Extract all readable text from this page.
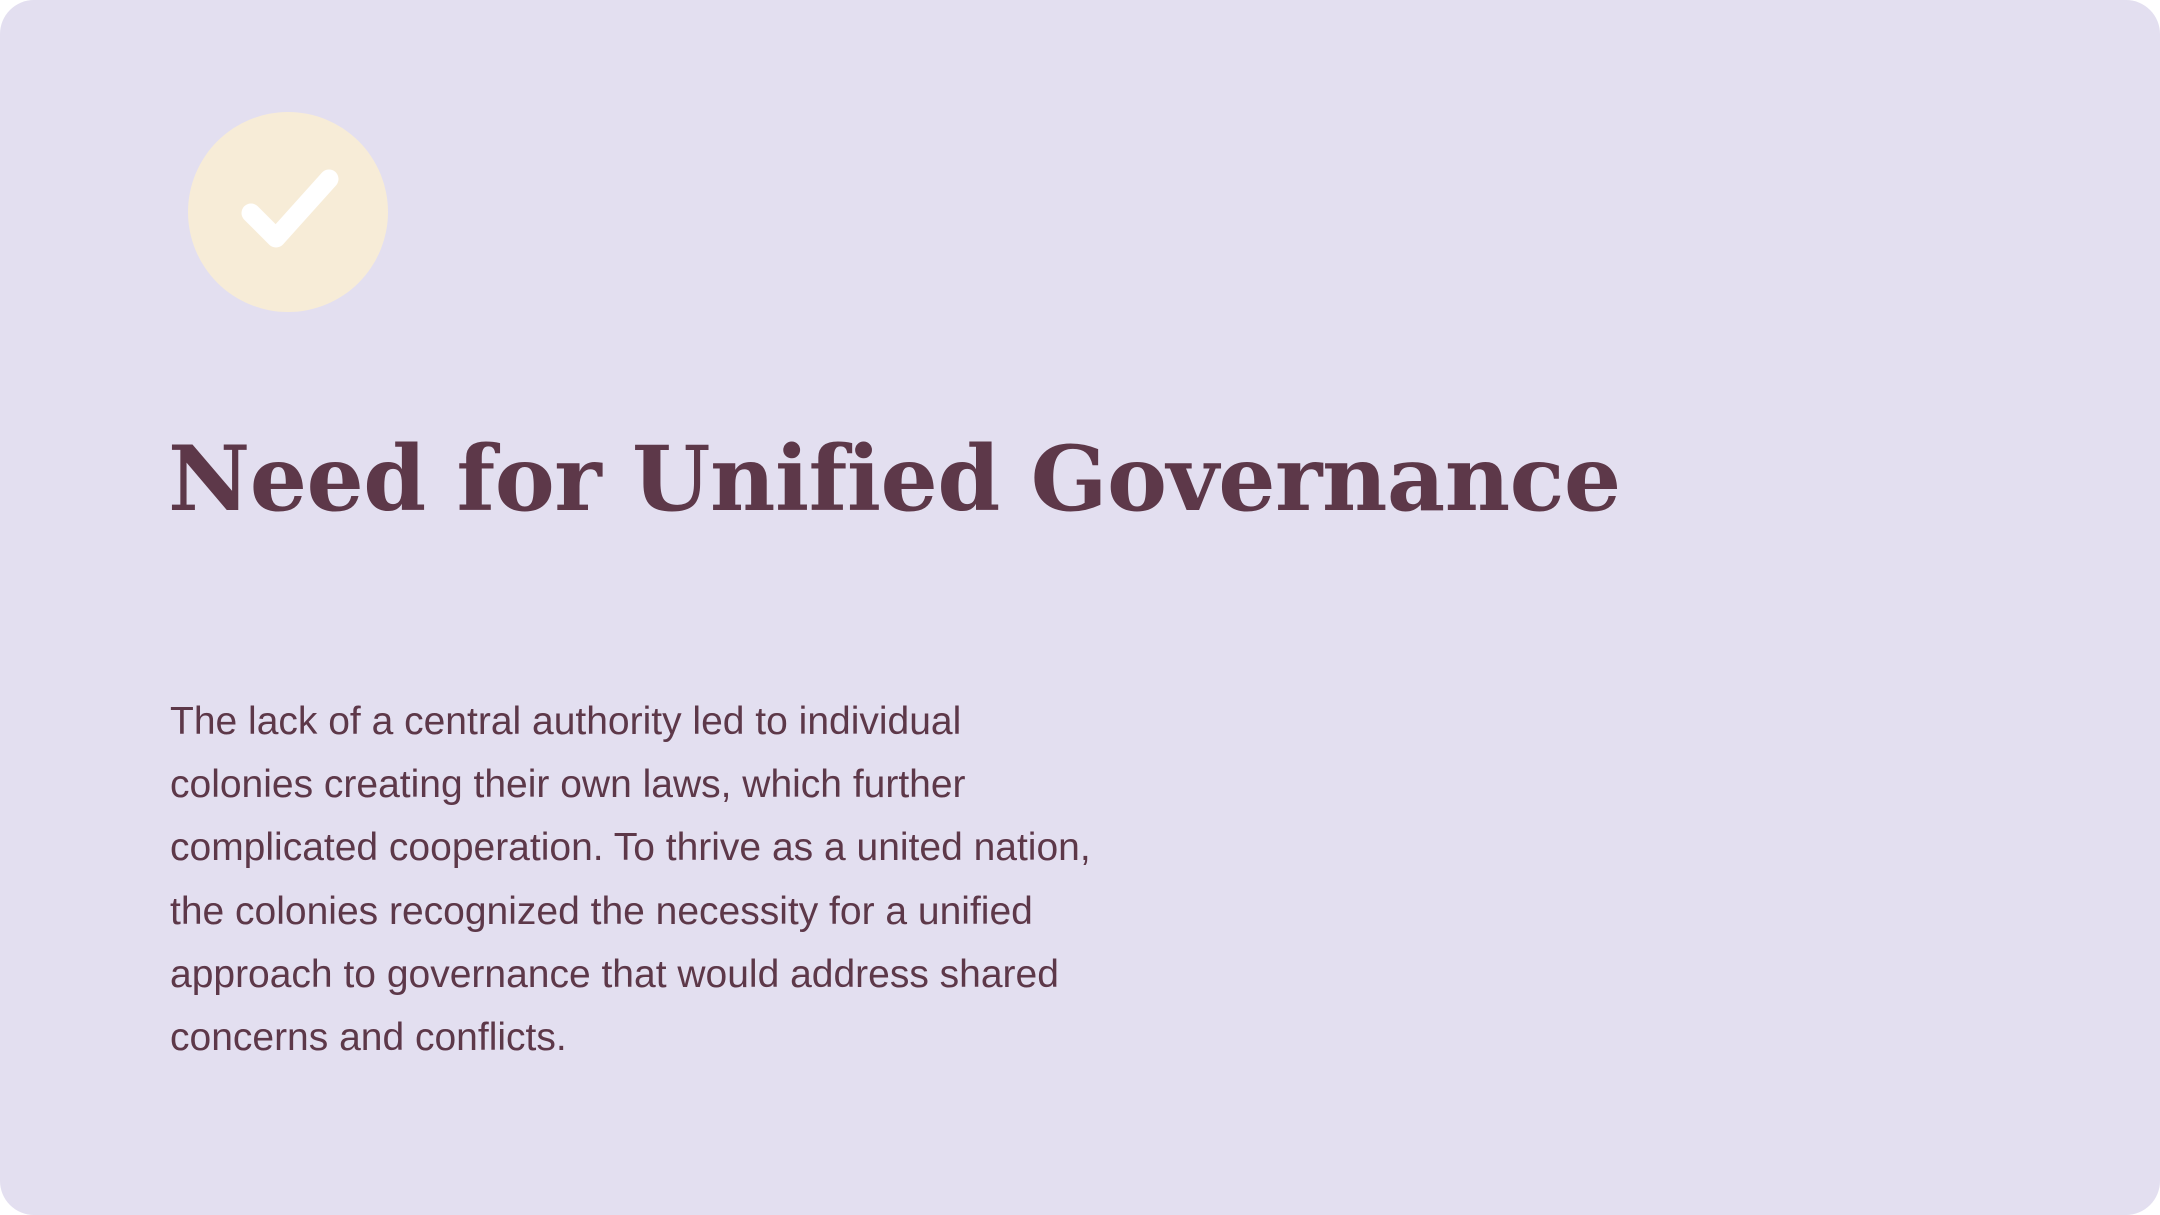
Need for Unified Governance

The lack of a central authority led to individual colonies creating their own laws, which further complicated cooperation. To thrive as a united nation, the colonies recognized the necessity for a unified approach to governance that would address shared concerns and conflicts.
